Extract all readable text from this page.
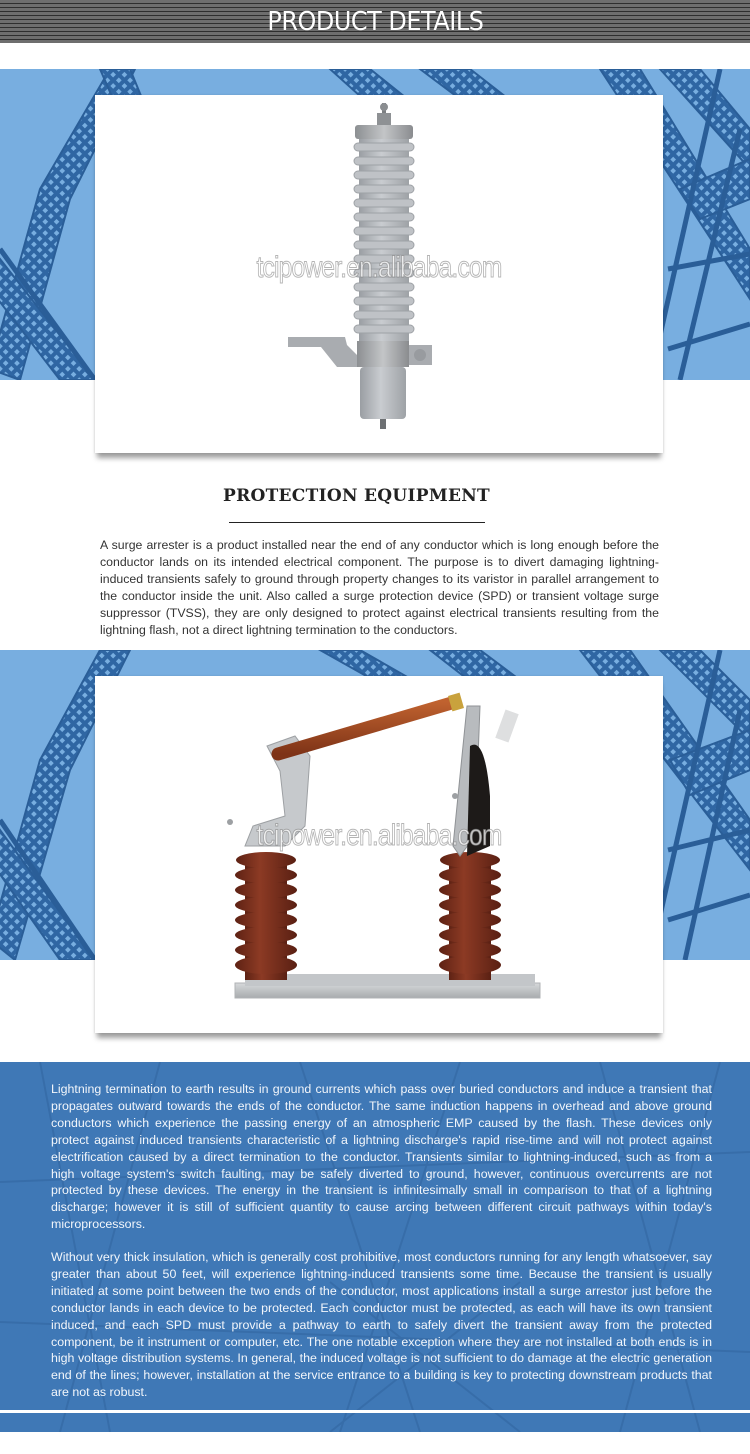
PRODUCT DETAILS
tcipower.en.alibaba.com
PROTECTION EQUIPMENT

A surge arrester is a product installed near the end of any conductor which is long enough before the conductor lands on its intended electrical component. The purpose is to divert damaging lightning-induced transients safely to ground through property changes to its varistor in parallel arrangement to the conductor inside the unit. Also called a surge protection device (SPD) or transient voltage surge suppressor (TVSS), they are only designed to protect against electrical transients resulting from the lightning flash, not a direct lightning termination to the conductors.

tcipower.en.alibaba.com

Lightning termination to earth results in ground currents which pass over buried conductors and induce a transient that propagates outward towards the ends of the conductor. The same induction happens in overhead and above ground conductors which experience the passing energy of an atmospheric EMP caused by the flash. These devices only protect against induced transients characteristic of a lightning discharge's rapid rise-time and will not protect against electrification caused by a direct termination to the conductor. Transients similar to lightning-induced, such as from a high voltage system's switch faulting, may be safely diverted to ground, however, continuous overcurrents are not protected by these devices. The energy in the transient is infinitesimally small in comparison to that of a lightning discharge; however it is still of sufficient quantity to cause arcing between different circuit pathways within today's microprocessors.

Without very thick insulation, which is generally cost prohibitive, most conductors running for any length whatsoever, say greater than about 50 feet, will experience lightning-induced transients some time. Because the transient is usually initiated at some point between the two ends of the conductor, most applications install a surge arrestor just before the conductor lands in each device to be protected. Each conductor must be protected, as each will have its own transient induced, and each SPD must provide a pathway to earth to safely divert the transient away from the protected component, be it instrument or computer, etc. The one notable exception where they are not installed at both ends is in high voltage distribution systems. In general, the induced voltage is not sufficient to do damage at the electric generation end of the lines; however, installation at the service entrance to a building is key to protecting downstream products that are not as robust.
